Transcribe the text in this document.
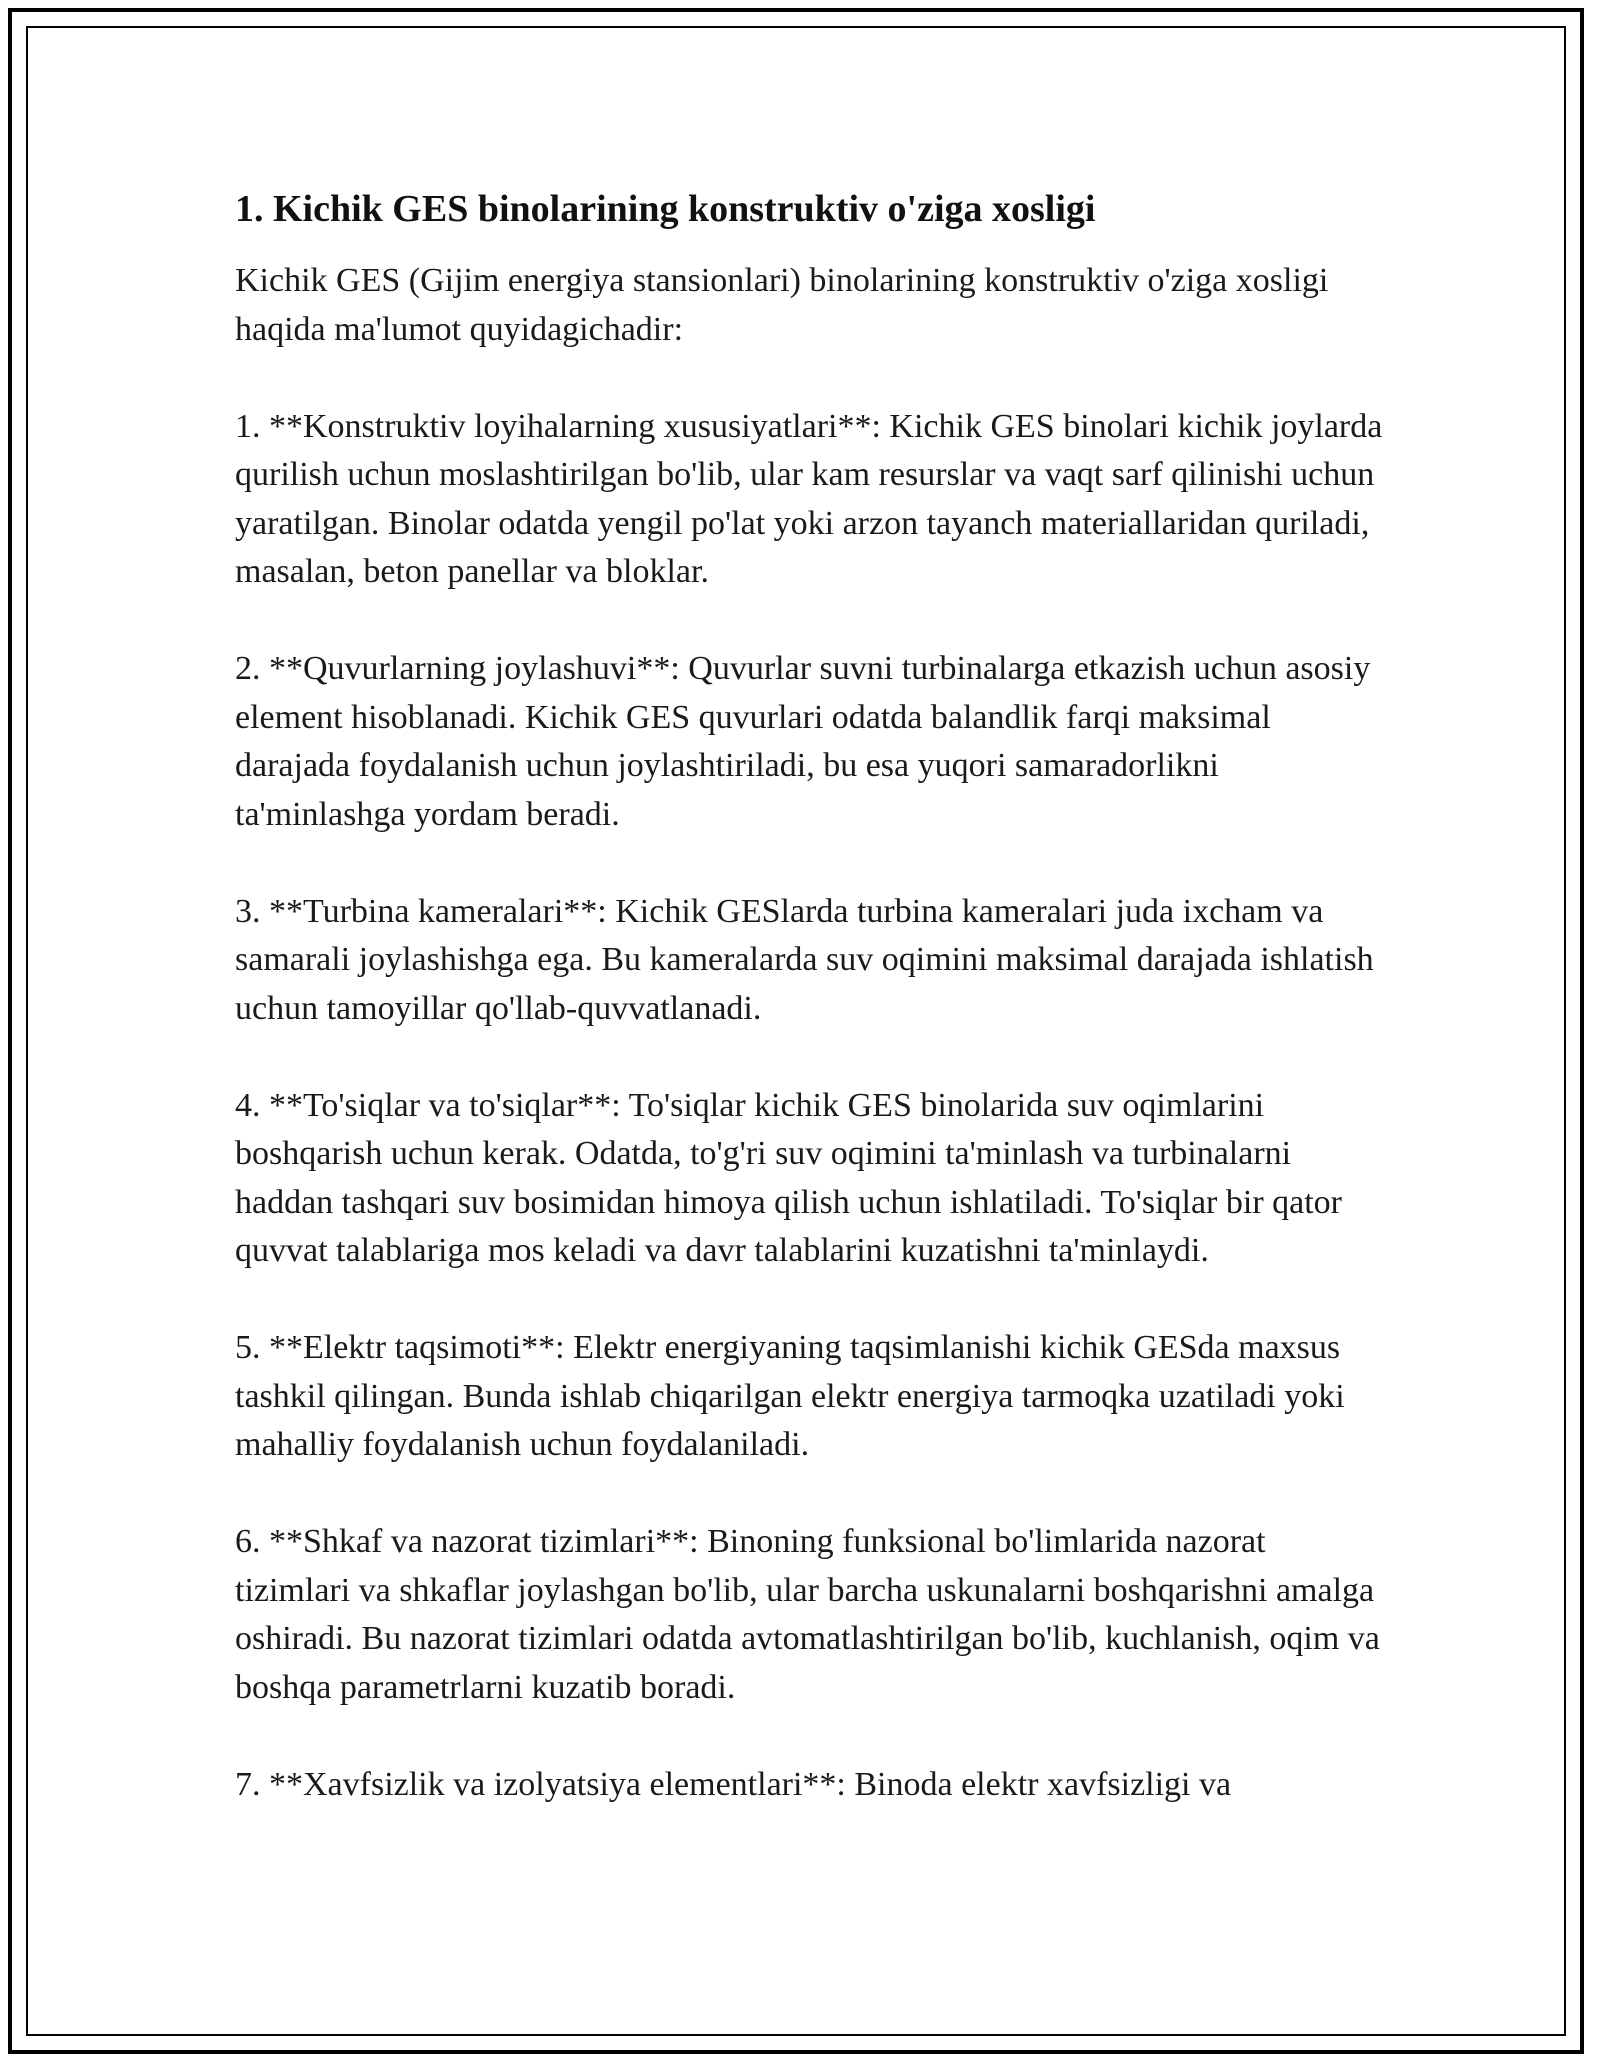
1. Kichik GES binolarining konstruktiv o'ziga xosligi

Kichik GES (Gijim energiya stansionlari) binolarining konstruktiv o'ziga xosligi haqida ma'lumot quyidagichadir:

1. **Konstruktiv loyihalarning xususiyatlari**: Kichik GES binolari kichik joylarda qurilish uchun moslashtirilgan bo'lib, ular kam resurslar va vaqt sarf qilinishi uchun yaratilgan. Binolar odatda yengil po'lat yoki arzon tayanch materiallaridan quriladi, masalan, beton panellar va bloklar.

2. **Quvurlarning joylashuvi**: Quvurlar suvni turbinalarga etkazish uchun asosiy element hisoblanadi. Kichik GES quvurlari odatda balandlik farqi maksimal darajada foydalanish uchun joylashtiriladi, bu esa yuqori samaradorlikni ta'minlashga yordam beradi.

3. **Turbina kameralari**: Kichik GESlarda turbina kameralari juda ixcham va samarali joylashishga ega. Bu kameralarda suv oqimini maksimal darajada ishlatish uchun tamoyillar qo'llab-quvvatlanadi.

4. **To'siqlar va to'siqlar**: To'siqlar kichik GES binolarida suv oqimlarini boshqarish uchun kerak. Odatda, to'g'ri suv oqimini ta'minlash va turbinalarni haddan tashqari suv bosimidan himoya qilish uchun ishlatiladi. To'siqlar bir qator quvvat talablariga mos keladi va davr talablarini kuzatishni ta'minlaydi.

5. **Elektr taqsimoti**: Elektr energiyaning taqsimlanishi kichik GESda maxsus tashkil qilingan. Bunda ishlab chiqarilgan elektr energiya tarmoqka uzatiladi yoki mahalliy foydalanish uchun foydalaniladi.

6. **Shkaf va nazorat tizimlari**: Binoning funksional bo'limlarida nazorat tizimlari va shkaflar joylashgan bo'lib, ular barcha uskunalarni boshqarishni amalga oshiradi. Bu nazorat tizimlari odatda avtomatlashtirilgan bo'lib, kuchlanish, oqim va boshqa parametrlarni kuzatib boradi.

7. **Xavfsizlik va izolyatsiya elementlari**: Binoda elektr xavfsizligi va
